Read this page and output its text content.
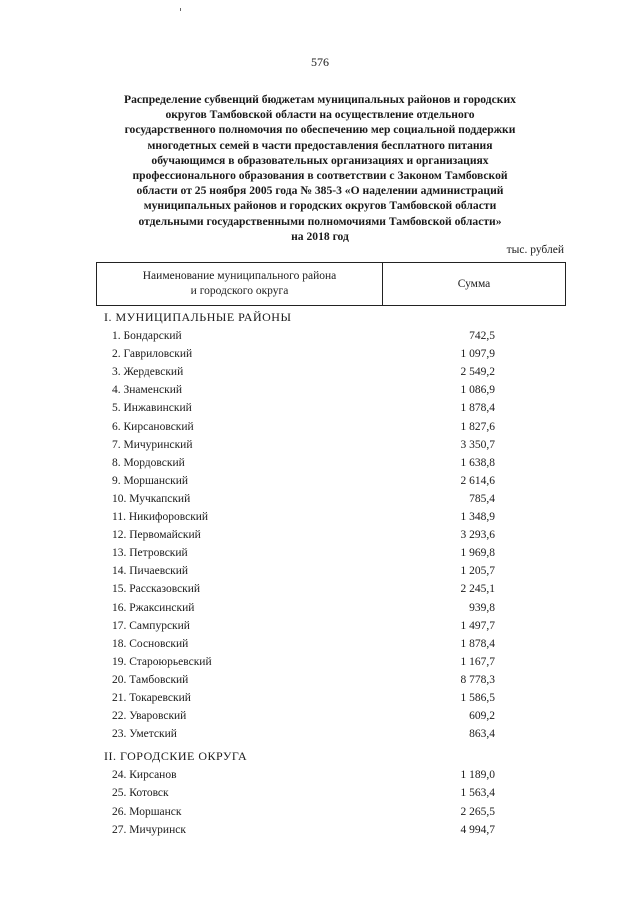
576
Распределение субвенций бюджетам муниципальных районов и городских
округов Тамбовской области на осуществление отдельного
государственного полномочия по обеспечению мер социальной поддержки
многодетных семей в части предоставления бесплатного питания
обучающимся в образовательных организациях и организациях
профессионального образования в соответствии с Законом Тамбовской
области от 25 ноября 2005 года № 385-3 «О наделении администраций
муниципальных районов и городских округов Тамбовской области
отдельными государственными полномочиями Тамбовской области»
на 2018 год
тыс. рублей
Наименование муниципального района
и городского округа
	Сумма
I. МУНИЦИПАЛЬНЫЕ РАЙОНЫ
1. Бондарский	742,5
2. Гавриловский	1 097,9
3. Жердевский	2 549,2
4. Знаменский	1 086,9
5. Инжавинский	1 878,4
6. Кирсановский	1 827,6
7. Мичуринский	3 350,7
8. Мордовский	1 638,8
9. Моршанский	2 614,6
10. Мучкапский	785,4
11. Никифоровский	1 348,9
12. Первомайский	3 293,6
13. Петровский	1 969,8
14. Пичаевский	1 205,7
15. Рассказовский	2 245,1
16. Ржаксинский	939,8
17. Сампурский	1 497,7
18. Сосновский	1 878,4
19. Староюрьевский	1 167,7
20. Тамбовский	8 778,3
21. Токаревский	1 586,5
22. Уваровский	609,2
23. Уметский	863,4
II. ГОРОДСКИЕ ОКРУГА
24. Кирсанов	1 189,0
25. Котовск	1 563,4
26. Моршанск	2 265,5
27. Мичуринск	4 994,7
